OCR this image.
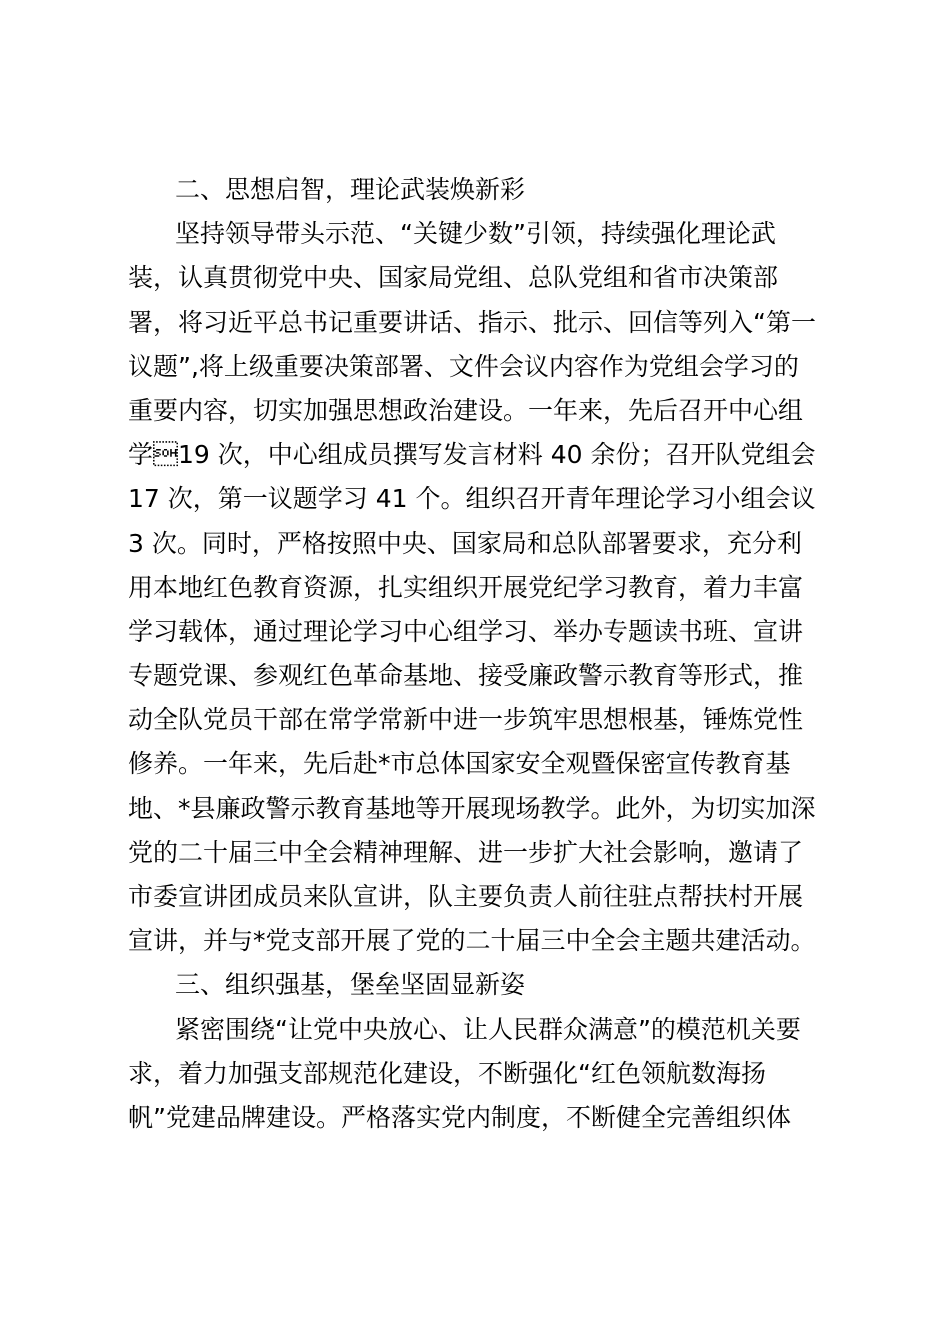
二、思想启智，理论武装焕新彩

坚持领导带头示范、“关键少数”引领，持续强化理论武
装，认真贯彻党中央、国家局党组、总队党组和省市决策部
署，将习近平总书记重要讲话、指示、批示、回信等列入“第一
议题”,将上级重要决策部署、文件会议内容作为党组会学习的
重要内容，切实加强思想政治建设。一年来，先后召开中心组
学19 次，中心组成员撰写发言材料 40 余份；召开队党组会
17 次，第一议题学习 41 个。组织召开青年理论学习小组会议
3 次。同时，严格按照中央、国家局和总队部署要求，充分利
用本地红色教育资源，扎实组织开展党纪学习教育，着力丰富
学习载体，通过理论学习中心组学习、举办专题读书班、宣讲
专题党课、参观红色革命基地、接受廉政警示教育等形式，推
动全队党员干部在常学常新中进一步筑牢思想根基，锤炼党性
修养。一年来，先后赴*市总体国家安全观暨保密宣传教育基
地、*县廉政警示教育基地等开展现场教学。此外，为切实加深
党的二十届三中全会精神理解、进一步扩大社会影响，邀请了
市委宣讲团成员来队宣讲，队主要负责人前往驻点帮扶村开展
宣讲，并与*党支部开展了党的二十届三中全会主题共建活动。

三、组织强基，堡垒坚固显新姿

紧密围绕“让党中央放心、让人民群众满意”的模范机关要
求，着力加强支部规范化建设，不断强化“红色领航数海扬
帆”党建品牌建设。严格落实党内制度，不断健全完善组织体
